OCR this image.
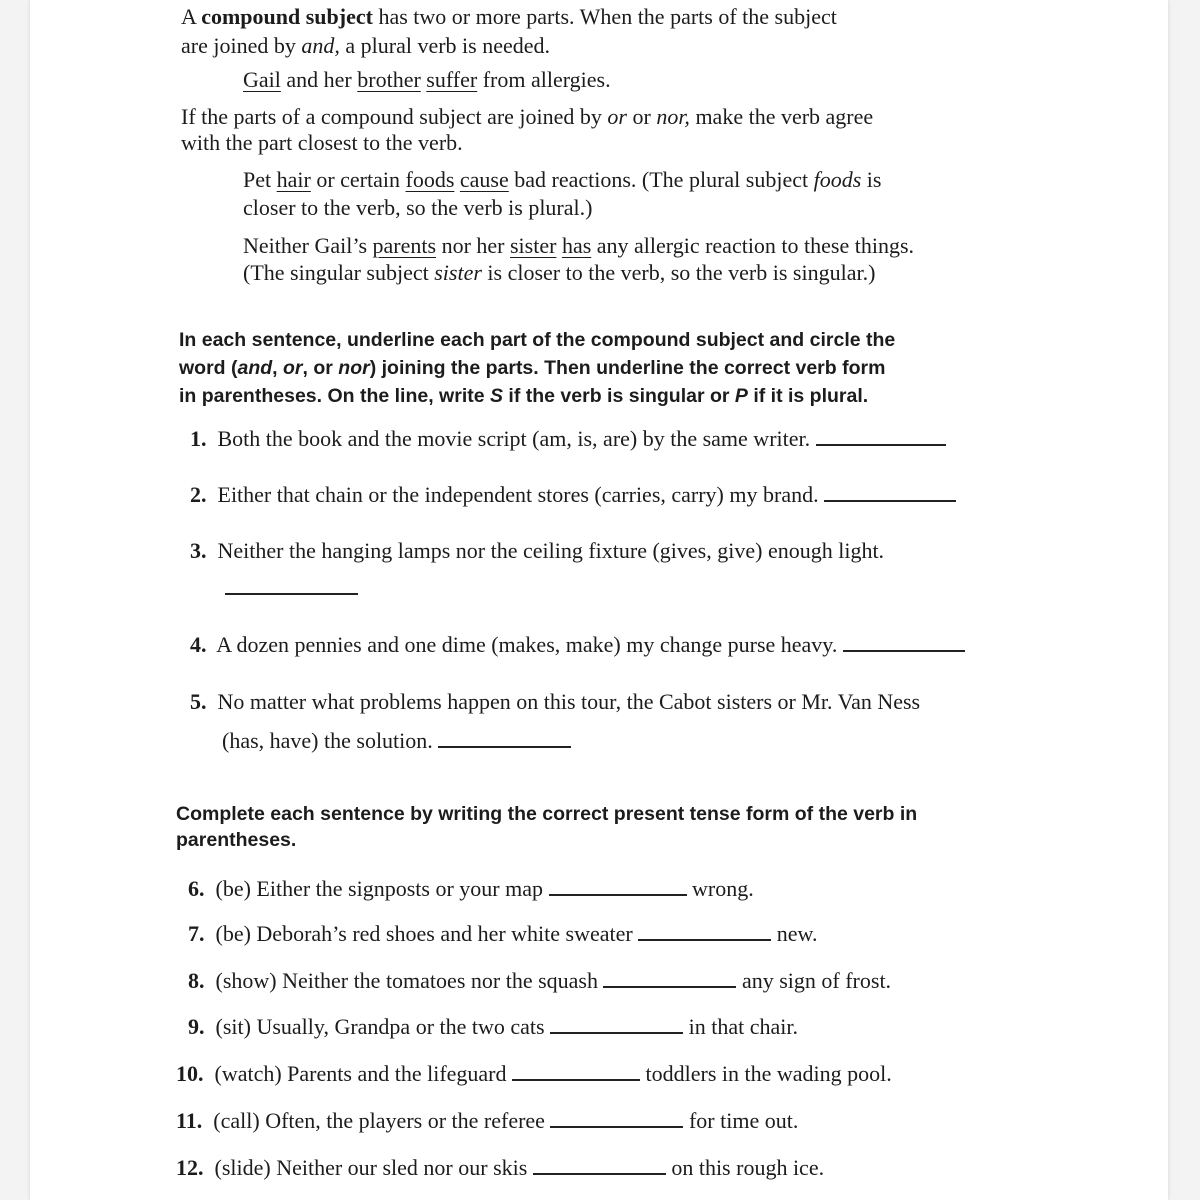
A compound subject has two or more parts. When the parts of the subject
are joined by and, a plural verb is needed.
Gail and her brother suffer from allergies.
If the parts of a compound subject are joined by or or nor, make the verb agree
with the part closest to the verb.
Pet hair or certain foods cause bad reactions. (The plural subject foods is
closer to the verb, so the verb is plural.)
Neither Gail’s parents nor her sister has any allergic reaction to these things.
(The singular subject sister is closer to the verb, so the verb is singular.)
In each sentence, underline each part of the compound subject and circle the
word (and, or, or nor) joining the parts. Then underline the correct verb form
in parentheses. On the line, write S if the verb is singular or P if it is plural.
1. Both the book and the movie script (am, is, are) by the same writer.
2. Either that chain or the independent stores (carries, carry) my brand.
3. Neither the hanging lamps nor the ceiling fixture (gives, give) enough light.
4. A dozen pennies and one dime (makes, make) my change purse heavy.
5. No matter what problems happen on this tour, the Cabot sisters or Mr. Van Ness
(has, have) the solution.
Complete each sentence by writing the correct present tense form of the verb in
parentheses.
6. (be) Either the signposts or your map	wrong.
7. (be) Deborah’s red shoes and her white sweater	new.
8. (show) Neither the tomatoes nor the squash	any sign of frost.
9. (sit) Usually, Grandpa or the two cats	in that chair.
10. (watch) Parents and the lifeguard	toddlers in the wading pool.
11. (call) Often, the players or the referee	for time out.
12. (slide) Neither our sled nor our skis	on this rough ice.
